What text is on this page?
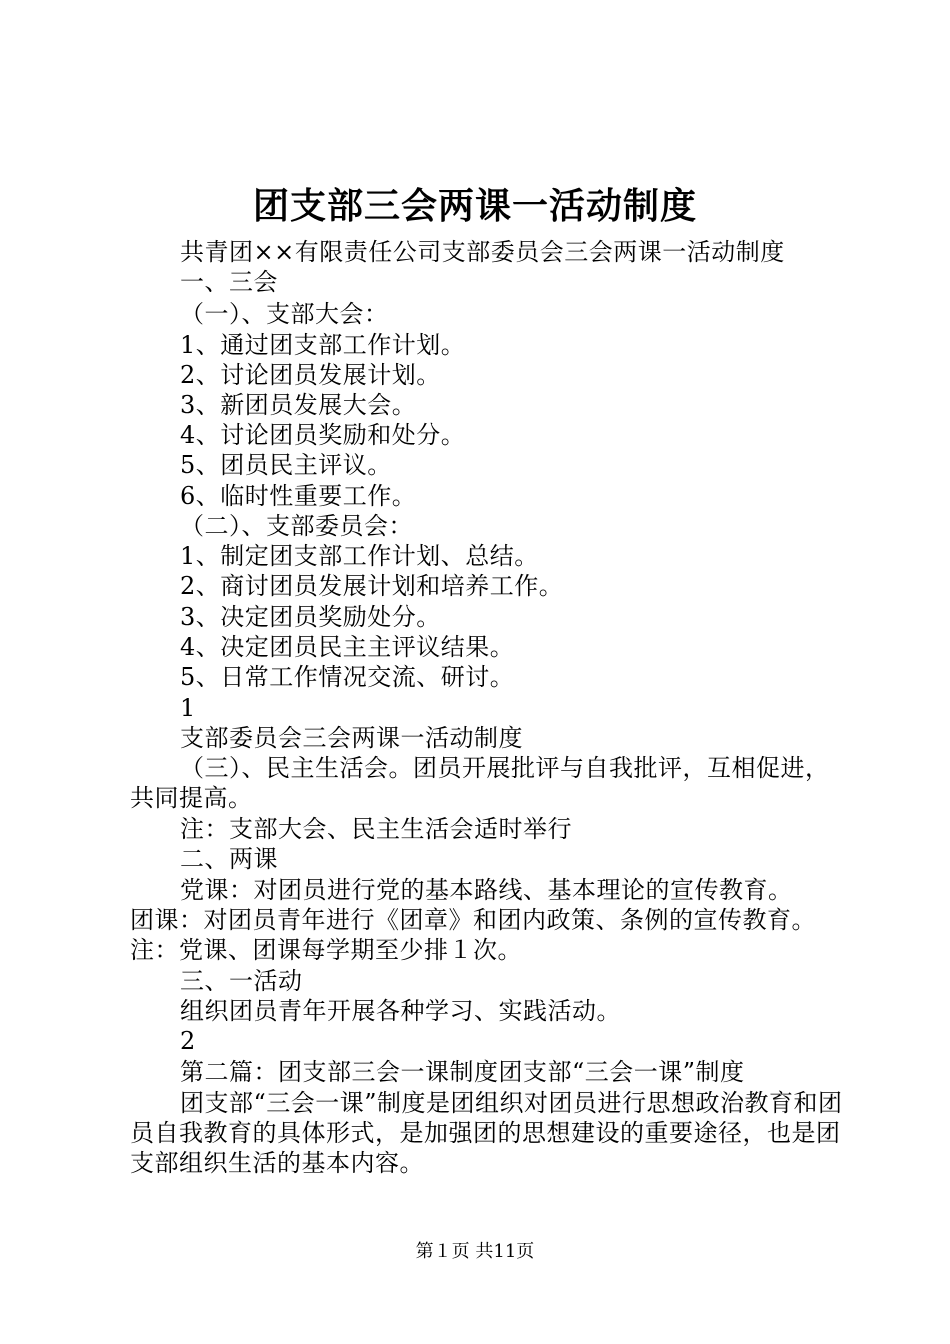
团支部三会两课一活动制度
共青团××有限责任公司支部委员会三会两课一活动制度
一、三会
（一）、支部大会：
1、通过团支部工作计划。
2、讨论团员发展计划。
3、新团员发展大会。
4、讨论团员奖励和处分。
5、团员民主评议。
6、临时性重要工作。
（二）、支部委员会：
1、制定团支部工作计划、总结。
2、商讨团员发展计划和培养工作。
3、决定团员奖励处分。
4、决定团员民主主评议结果。
5、日常工作情况交流、研讨。
1
支部委员会三会两课一活动制度
（三）、民主生活会。团员开展批评与自我批评，互相促进，共同提高。
注：支部大会、民主生活会适时举行
二、两课
党课：对团员进行党的基本路线、基本理论的宣传教育。
团课：对团员青年进行《团章》和团内政策、条例的宣传教育。
注：党课、团课每学期至少排１次。
三、一活动
组织团员青年开展各种学习、实践活动。
2
第二篇：团支部三会一课制度团支部“三会一课”制度
团支部“三会一课”制度是团组织对团员进行思想政治教育和团员自我教育的具体形式，是加强团的思想建设的重要途径，也是团支部组织生活的基本内容。
第１页 共11页
